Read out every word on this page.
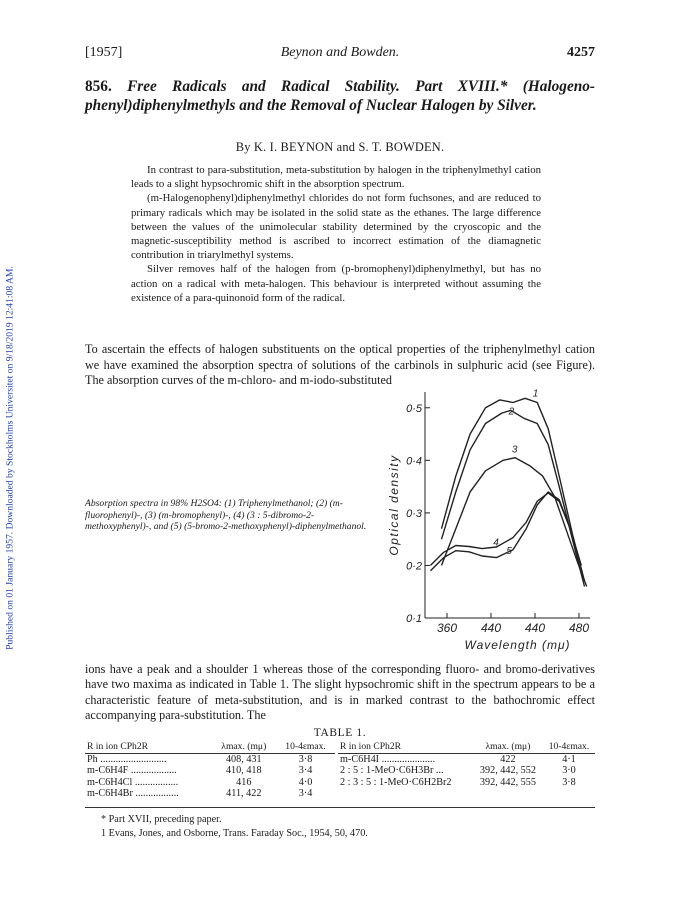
Published on 01 January 1957. Downloaded by Stockholms Universitet on 9/18/2019 12:41:08 AM.
[1957]	Beynon and Bowden.	4257
856. Free Radicals and Radical Stability. Part XVIII.* (Halogeno-phenyl)diphenylmethyls and the Removal of Nuclear Halogen by Silver.
By K. I. BEYNON and S. T. BOWDEN.

In contrast to para-substitution, meta-substitution by halogen in the triphenylmethyl cation leads to a slight hypsochromic shift in the absorption spectrum.

(m-Halogenophenyl)diphenylmethyl chlorides do not form fuchsones, and are reduced to primary radicals which may be isolated in the solid state as the ethanes. The large difference between the values of the unimolecular stability determined by the cryoscopic and the magnetic-susceptibility method is ascribed to incorrect estimation of the diamagnetic contribution in triarylmethyl systems.

Silver removes half of the halogen from (p-bromophenyl)diphenylmethyl, but has no action on a radical with meta-halogen. This behaviour is interpreted without assuming the existence of a para-quinonoid form of the radical.

To ascertain the effects of halogen substituents on the optical properties of the triphenylmethyl cation we have examined the absorption spectra of solutions of the carbinols in sulphuric acid (see Figure). The absorption curves of the m-chloro- and m-iodo-substituted

Absorption spectra in 98% H2SO4: (1) Triphenylmethanol; (2) (m-fluorophenyl)-, (3) (m-bromophenyl)-, (4) (3 : 5-dibromo-2-methoxyphenyl)-, and (5) (5-bromo-2-methoxyphenyl)-diphenylmethanol.

0·1
0·2
0·3
0·4
0·5
360 440 440 480
1
2
3
4
5
Wavelength (mμ)
Optical density

ions have a peak and a shoulder 1 whereas those of the corresponding fluoro- and bromo-derivatives have two maxima as indicated in Table 1. The slight hypsochromic shift in the spectrum appears to be a characteristic feature of meta-substitution, and is in marked contrast to the bathochromic effect accompanying para-substitution. The

TABLE 1.
R in ion CPh2R	λmax. (mμ)	10-4εmax.
Ph ..........................	408, 431	3·8
m-C6H4F ..................	410, 418	3·4
m-C6H4Cl .................	416	4·0
m-C6H4Br .................	411, 422	3·4
R in ion CPh2R	λmax. (mμ)	10-4εmax.
m-C6H4I .....................	422	4·1
2 : 5 : 1-MeO·C6H3Br ...	392, 442, 552	3·0
2 : 3 : 5 : 1-MeO·C6H2Br2	392, 442, 555	3·8
* Part XVII, preceding paper.
1 Evans, Jones, and Osborne, Trans. Faraday Soc., 1954, 50, 470.
